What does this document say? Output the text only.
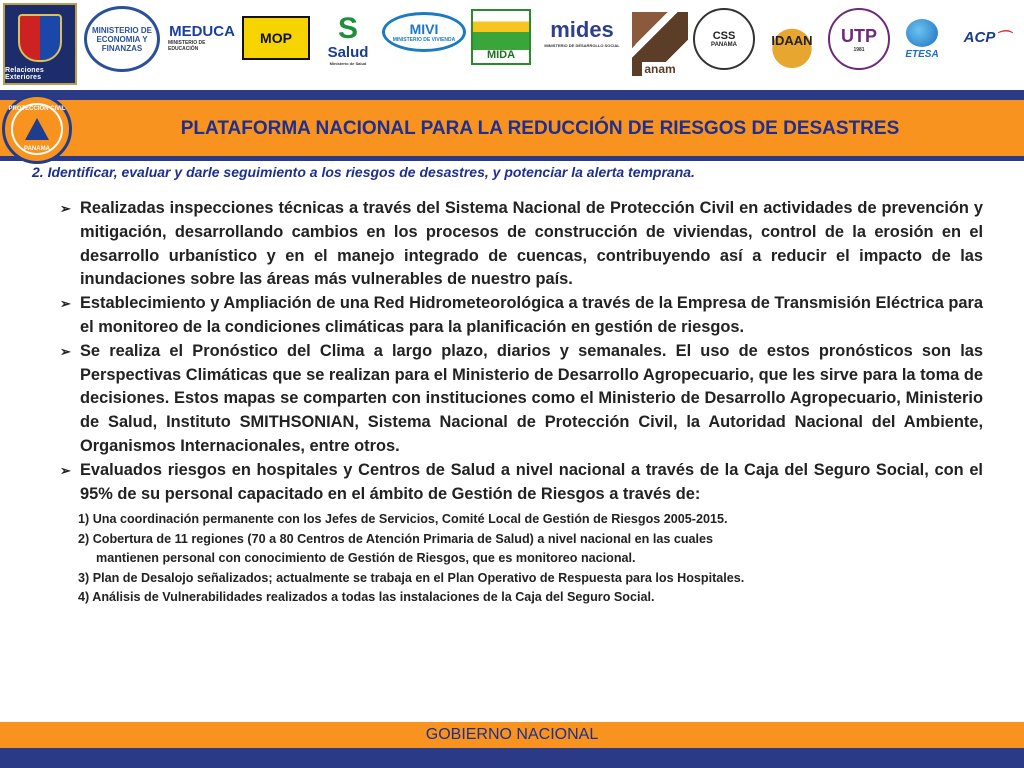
Relaciones Exteriores
MINISTERIO DE ECONOMIA Y FINANZAS
MEDUCA
MINISTERIO DE EDUCACIÓN
MOP S
Salud
Ministerio de Salud
MIVI
MINISTERIO DE VIVIENDA
MIDA
mides
MINISTERIO DE DESARROLLO SOCIAL
anam
CSS
PANAMA	IDAAN UTP
1981	ETESA
ACP ⌒
PROTECCION CIVIL
PANAMA
PLATAFORMA NACIONAL PARA LA REDUCCIÓN DE RIESGOS DE DESASTRES
2. Identificar, evaluar y darle seguimiento a los riesgos de desastres, y potenciar la alerta temprana.
➢ Realizadas inspecciones técnicas a través del Sistema Nacional de Protección Civil en actividades de prevención y mitigación, desarrollando cambios en los procesos de construcción de viviendas, control de la erosión en el desarrollo urbanístico y en el manejo integrado de cuencas, contribuyendo así a reducir el impacto de las inundaciones sobre las áreas más vulnerables de nuestro país.
➢ Establecimiento y Ampliación de una Red Hidrometeorológica a través de la Empresa de Transmisión Eléctrica para el monitoreo de la condiciones climáticas para la planificación en gestión de riesgos.
➢ Se realiza el Pronóstico del Clima a largo plazo, diarios y semanales. El uso de estos pronósticos son las Perspectivas Climáticas que se realizan para el Ministerio de Desarrollo Agropecuario, que les sirve para la toma de decisiones. Estos mapas se comparten con instituciones como el Ministerio de Desarrollo Agropecuario, Ministerio de Salud, Instituto SMITHSONIAN, Sistema Nacional de Protección Civil, la Autoridad Nacional del Ambiente, Organismos Internacionales, entre otros.
➢ Evaluados riesgos en hospitales y Centros de Salud a nivel nacional a través de la Caja del Seguro Social, con el 95% de su personal capacitado en el ámbito de Gestión de Riesgos a través de:
1) Una coordinación permanente con los Jefes de Servicios, Comité Local de Gestión de Riesgos 2005-2015.
2) Cobertura de 11 regiones (70 a 80 Centros de Atención Primaria de Salud) a nivel nacional en las cuales
mantienen personal con conocimiento de Gestión de Riesgos, que es monitoreo nacional.
3) Plan de Desalojo señalizados; actualmente se trabaja en el Plan Operativo de Respuesta para los Hospitales.
4) Análisis de Vulnerabilidades realizados a todas las instalaciones de la Caja del Seguro Social.
GOBIERNO NACIONAL
